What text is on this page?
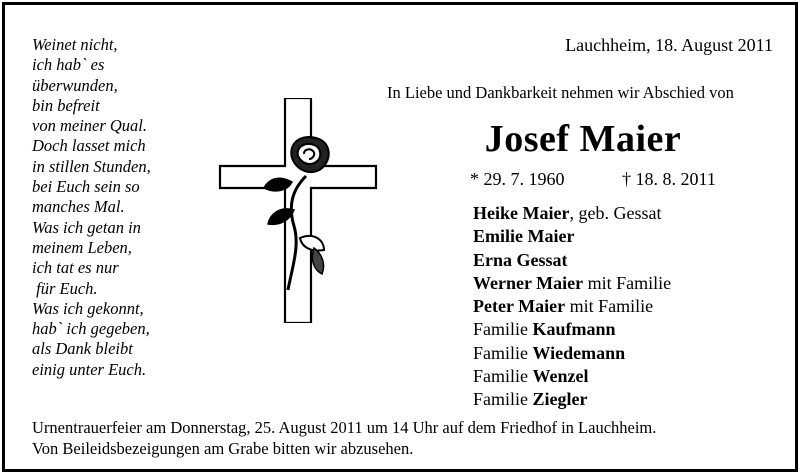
Weinet nicht,
ich hab` es
überwunden,
bin befreit
von meiner Qual.
Doch lasset mich
in stillen Stunden,
bei Euch sein so
manches Mal.
Was ich getan in
meinem Leben,
ich tat es nur
für Euch.
Was ich gekonnt,
hab` ich gegeben,
als Dank bleibt
einig unter Euch.
Lauchheim, 18. August 2011
In Liebe und Dankbarkeit nehmen wir Abschied von
Josef Maier
* 29. 7. 1960	† 18. 8. 2011
Heike Maier, geb. Gessat
Emilie Maier
Erna Gessat
Werner Maier mit Familie
Peter Maier mit Familie
Familie Kaufmann
Familie Wiedemann
Familie Wenzel
Familie Ziegler
Urnentrauerfeier am Donnerstag, 25. August 2011 um 14 Uhr auf dem Friedhof in Lauchheim.
Von Beileidsbezeigungen am Grabe bitten wir abzusehen.
